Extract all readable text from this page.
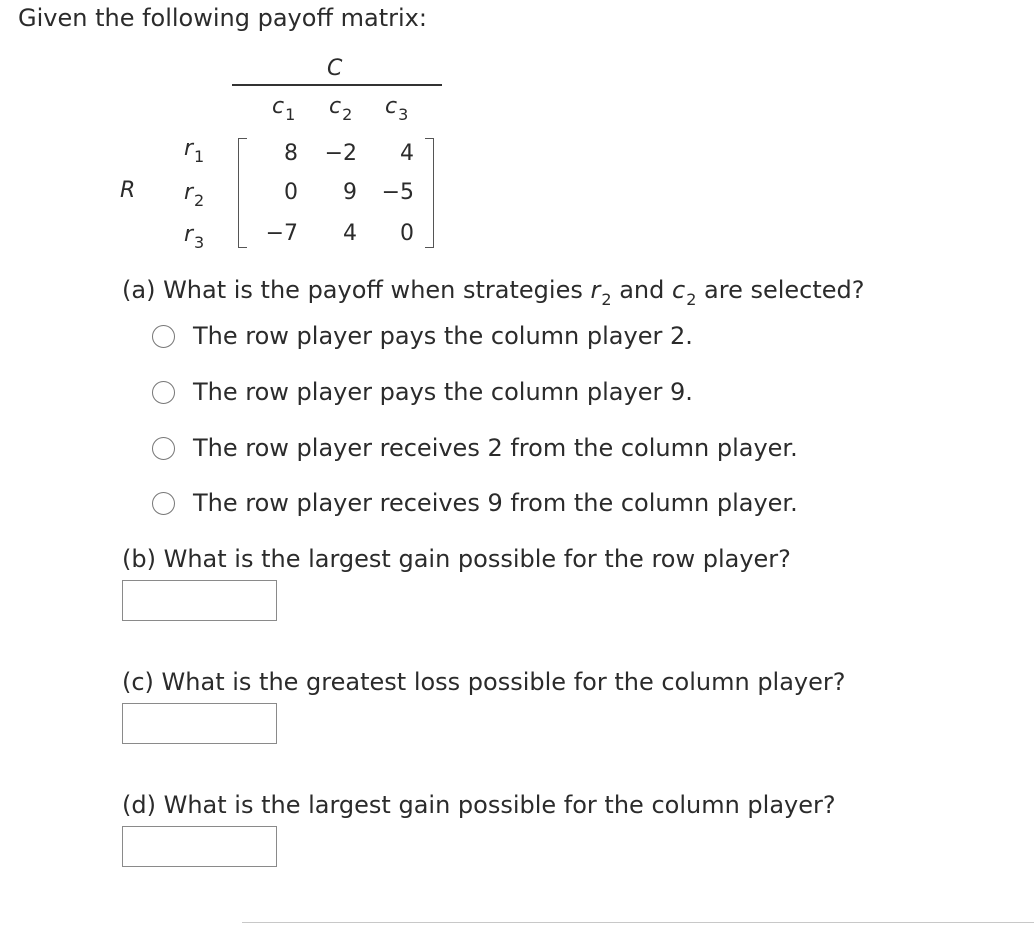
Given the following payoff matrix:
C
$c_1$ $c_2$ $c_3$
R
$r_1$
$r_2$
$r_3$
8	−2	4
0	9	−5
−7	4	0
(a) What is the payoff when strategies $r_2$ and $c_2$ are selected?
The row player pays the column player 2.
The row player pays the column player 9.
The row player receives 2 from the column player.
The row player receives 9 from the column player.
(b) What is the largest gain possible for the row player?
(c) What is the greatest loss possible for the column player?
(d) What is the largest gain possible for the column player?
